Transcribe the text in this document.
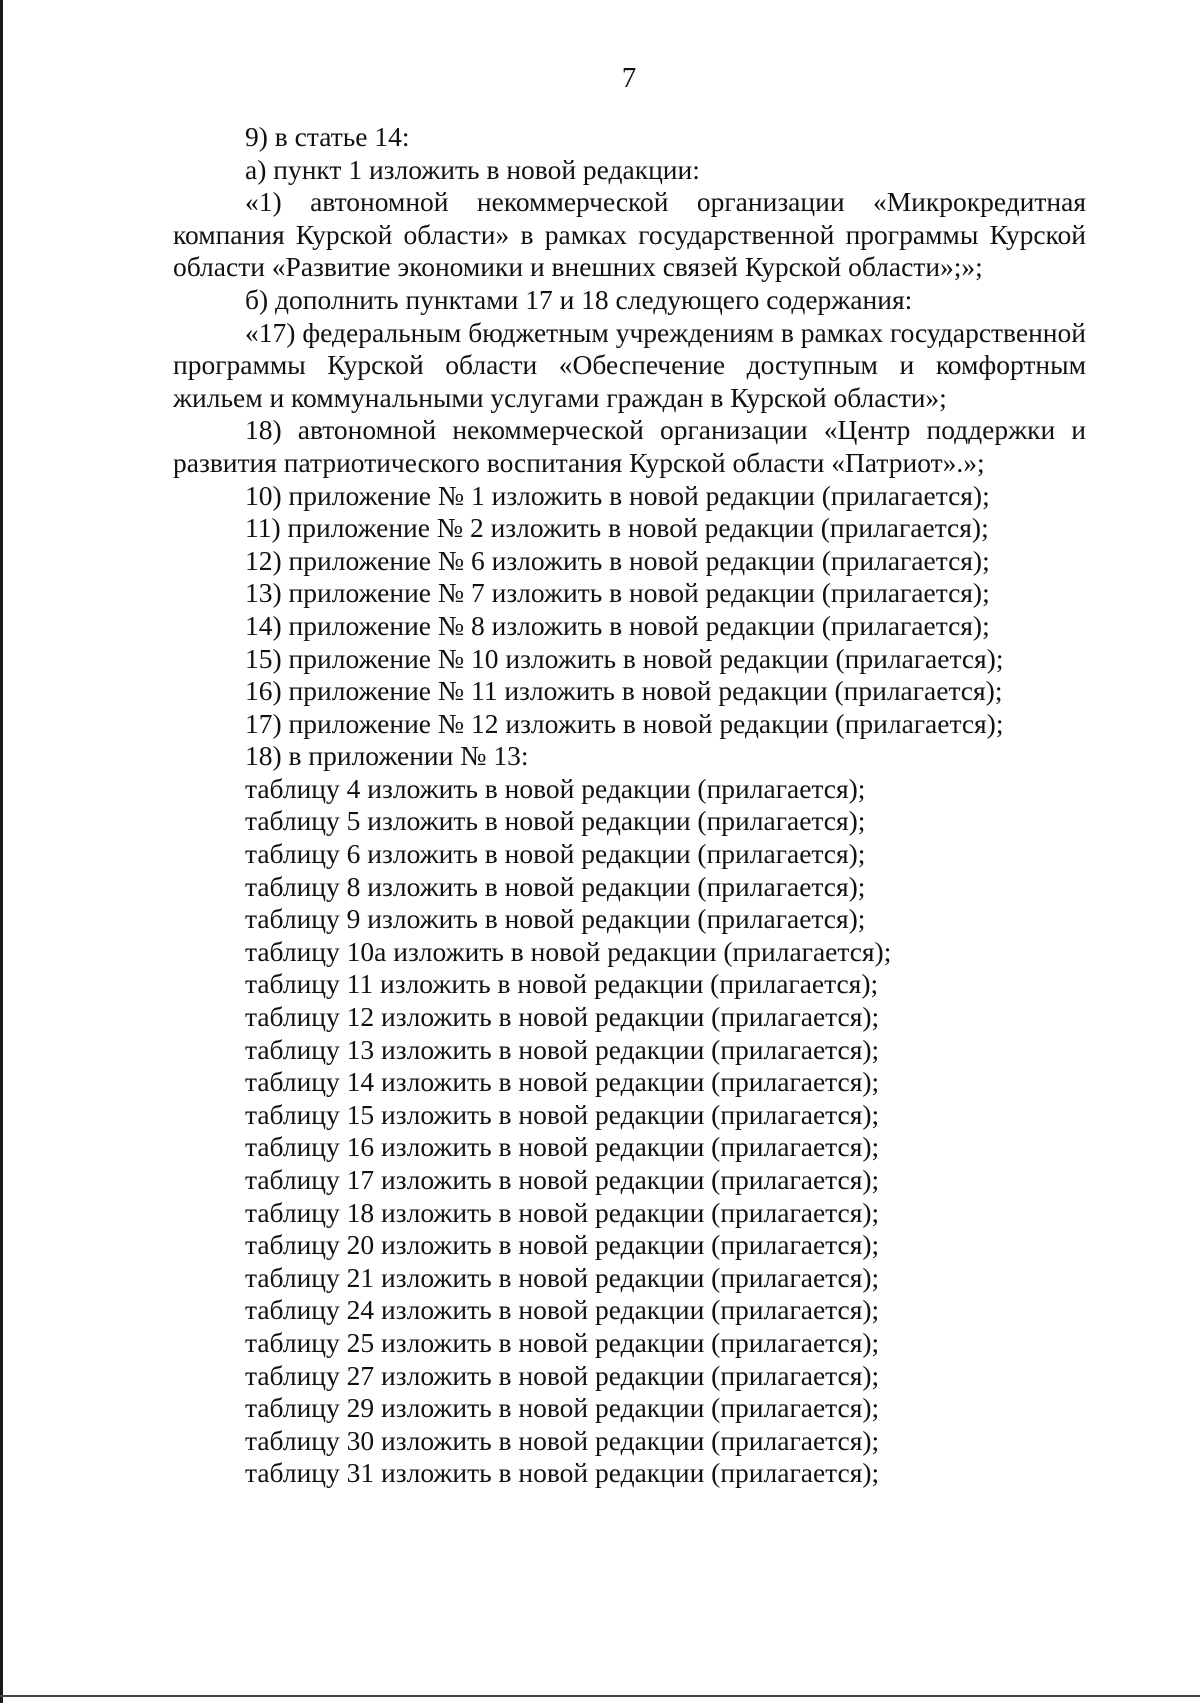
7

9) в статье 14:

а) пункт 1 изложить в новой редакции:

«1) автономной некоммерческой организации «Микрокредитная компания Курской области» в рамках государственной программы Курской области «Развитие экономики и внешних связей Курской области»;»;

б) дополнить пунктами 17 и 18 следующего содержания:

«17) федеральным бюджетным учреждениям в рамках государственной программы Курской области «Обеспечение доступным и комфортным жильем и коммунальными услугами граждан в Курской области»;

18) автономной некоммерческой организации «Центр поддержки и развития патриотического воспитания Курской области «Патриот».»;

10) приложение № 1 изложить в новой редакции (прилагается);

11) приложение № 2 изложить в новой редакции (прилагается);

12) приложение № 6 изложить в новой редакции (прилагается);

13) приложение № 7 изложить в новой редакции (прилагается);

14) приложение № 8 изложить в новой редакции (прилагается);

15) приложение № 10 изложить в новой редакции (прилагается);

16) приложение № 11 изложить в новой редакции (прилагается);

17) приложение № 12 изложить в новой редакции (прилагается);

18) в приложении № 13:

таблицу 4 изложить в новой редакции (прилагается);

таблицу 5 изложить в новой редакции (прилагается);

таблицу 6 изложить в новой редакции (прилагается);

таблицу 8 изложить в новой редакции (прилагается);

таблицу 9 изложить в новой редакции (прилагается);

таблицу 10а изложить в новой редакции (прилагается);

таблицу 11 изложить в новой редакции (прилагается);

таблицу 12 изложить в новой редакции (прилагается);

таблицу 13 изложить в новой редакции (прилагается);

таблицу 14 изложить в новой редакции (прилагается);

таблицу 15 изложить в новой редакции (прилагается);

таблицу 16 изложить в новой редакции (прилагается);

таблицу 17 изложить в новой редакции (прилагается);

таблицу 18 изложить в новой редакции (прилагается);

таблицу 20 изложить в новой редакции (прилагается);

таблицу 21 изложить в новой редакции (прилагается);

таблицу 24 изложить в новой редакции (прилагается);

таблицу 25 изложить в новой редакции (прилагается);

таблицу 27 изложить в новой редакции (прилагается);

таблицу 29 изложить в новой редакции (прилагается);

таблицу 30 изложить в новой редакции (прилагается);

таблицу 31 изложить в новой редакции (прилагается);
